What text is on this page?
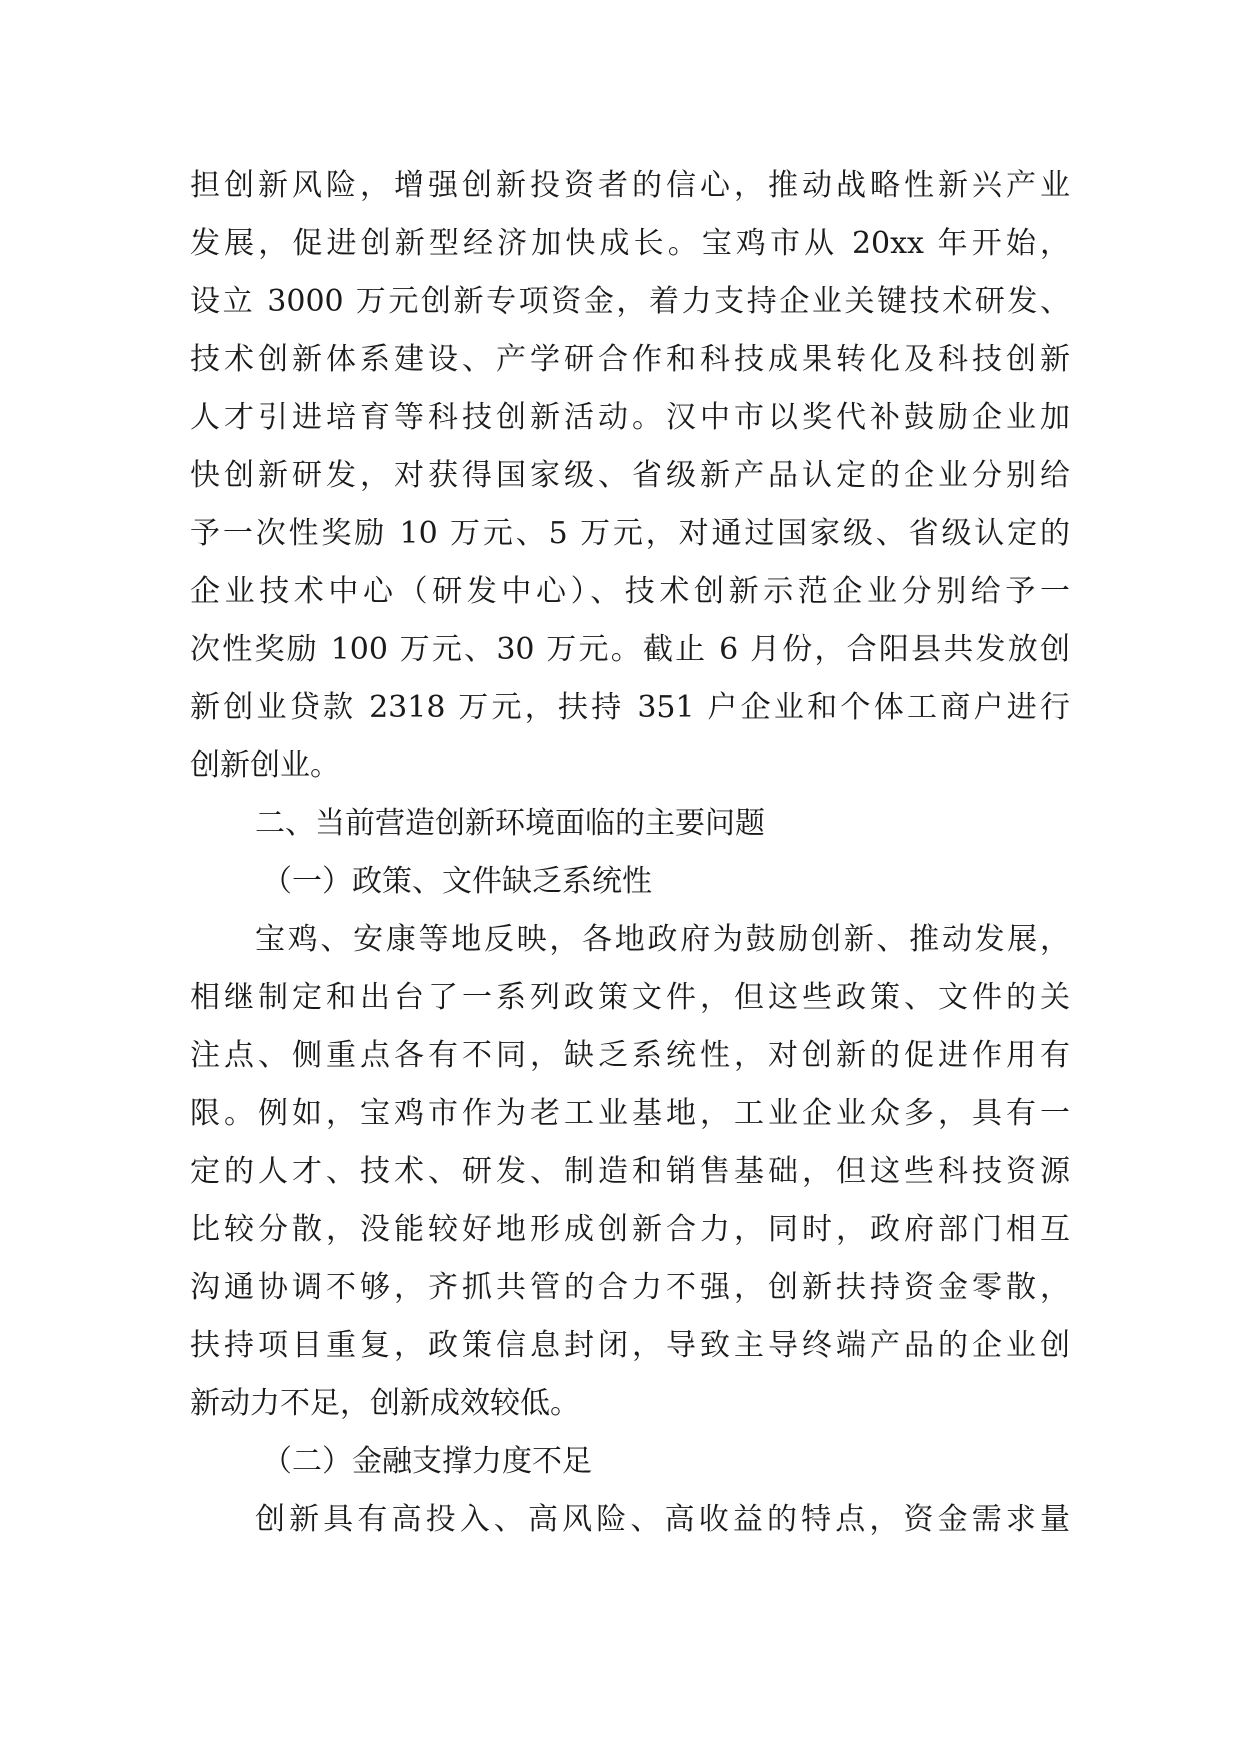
担创新风险，增强创新投资者的信心，推动战略性新兴产业
发展，促进创新型经济加快成长。宝鸡市从 20xx 年开始，
设立 3000 万元创新专项资金，着力支持企业关键技术研发、
技术创新体系建设、产学研合作和科技成果转化及科技创新
人才引进培育等科技创新活动。汉中市以奖代补鼓励企业加
快创新研发，对获得国家级、省级新产品认定的企业分别给
予一次性奖励 10 万元、5 万元，对通过国家级、省级认定的
企业技术中心（研发中心）、技术创新示范企业分别给予一
次性奖励 100 万元、30 万元。截止 6 月份，合阳县共发放创
新创业贷款 2318 万元，扶持 351 户企业和个体工商户进行
创新创业。
二、当前营造创新环境面临的主要问题
（一）政策、文件缺乏系统性
宝鸡、安康等地反映，各地政府为鼓励创新、推动发展，
相继制定和出台了一系列政策文件，但这些政策、文件的关
注点、侧重点各有不同，缺乏系统性，对创新的促进作用有
限。例如，宝鸡市作为老工业基地，工业企业众多，具有一
定的人才、技术、研发、制造和销售基础，但这些科技资源
比较分散，没能较好地形成创新合力，同时，政府部门相互
沟通协调不够，齐抓共管的合力不强，创新扶持资金零散，
扶持项目重复，政策信息封闭，导致主导终端产品的企业创
新动力不足，创新成效较低。
（二）金融支撑力度不足
创新具有高投入、高风险、高收益的特点，资金需求量
